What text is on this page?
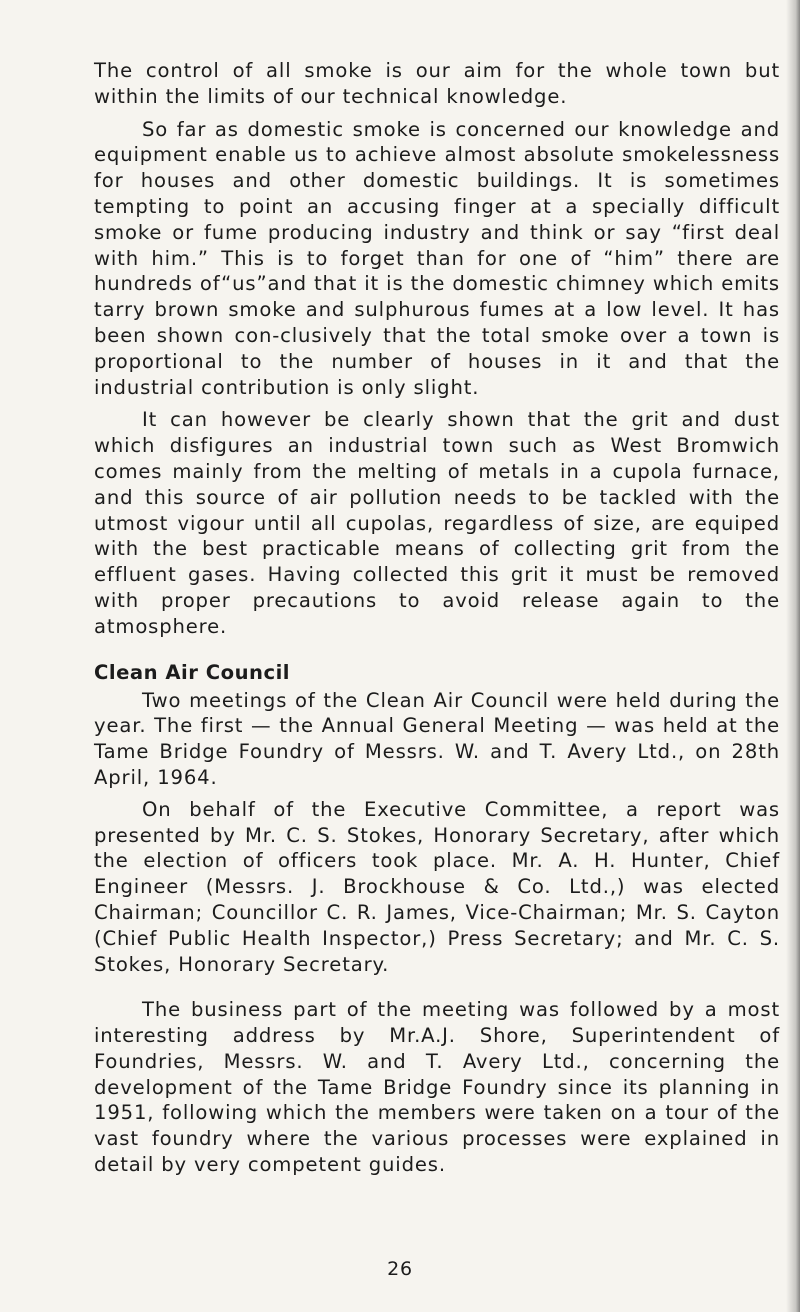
The control of all smoke is our aim for the whole town but within the limits of our technical knowledge.

So far as domestic smoke is concerned our knowledge and equipment enable us to achieve almost absolute smokelessness for houses and other domestic buildings. It is sometimes tempting to point an accusing finger at a specially difficult smoke or fume producing industry and think or say “first deal with him.” This is to forget than for one of “him” there are hundreds of“us”and that it is the domestic chimney which emits tarry brown smoke and sulphurous fumes at a low level. It has been shown con-clusively that the total smoke over a town is proportional to the number of houses in it and that the industrial contribution is only slight.

It can however be clearly shown that the grit and dust which disfigures an industrial town such as West Bromwich comes mainly from the melting of metals in a cupola furnace, and this source of air pollution needs to be tackled with the utmost vigour until all cupolas, regardless of size, are equiped with the best practicable means of collecting grit from the effluent gases. Having collected this grit it must be removed with proper precautions to avoid release again to the atmosphere.

Clean Air Council

Two meetings of the Clean Air Council were held during the year. The first — the Annual General Meeting — was held at the Tame Bridge Foundry of Messrs. W. and T. Avery Ltd., on 28th April, 1964.

On behalf of the Executive Committee, a report was presented by Mr. C. S. Stokes, Honorary Secretary, after which the election of officers took place. Mr. A. H. Hunter, Chief Engineer (Messrs. J. Brockhouse & Co. Ltd.,) was elected Chairman; Councillor C. R. James, Vice-Chairman; Mr. S. Cayton (Chief Public Health Inspector,) Press Secretary; and Mr. C. S. Stokes, Honorary Secretary.

The business part of the meeting was followed by a most interesting address by Mr.A.J. Shore, Superintendent of Foundries, Messrs. W. and T. Avery Ltd., concerning the development of the Tame Bridge Foundry since its planning in 1951, following which the members were taken on a tour of the vast foundry where the various processes were explained in detail by very competent guides.

26
